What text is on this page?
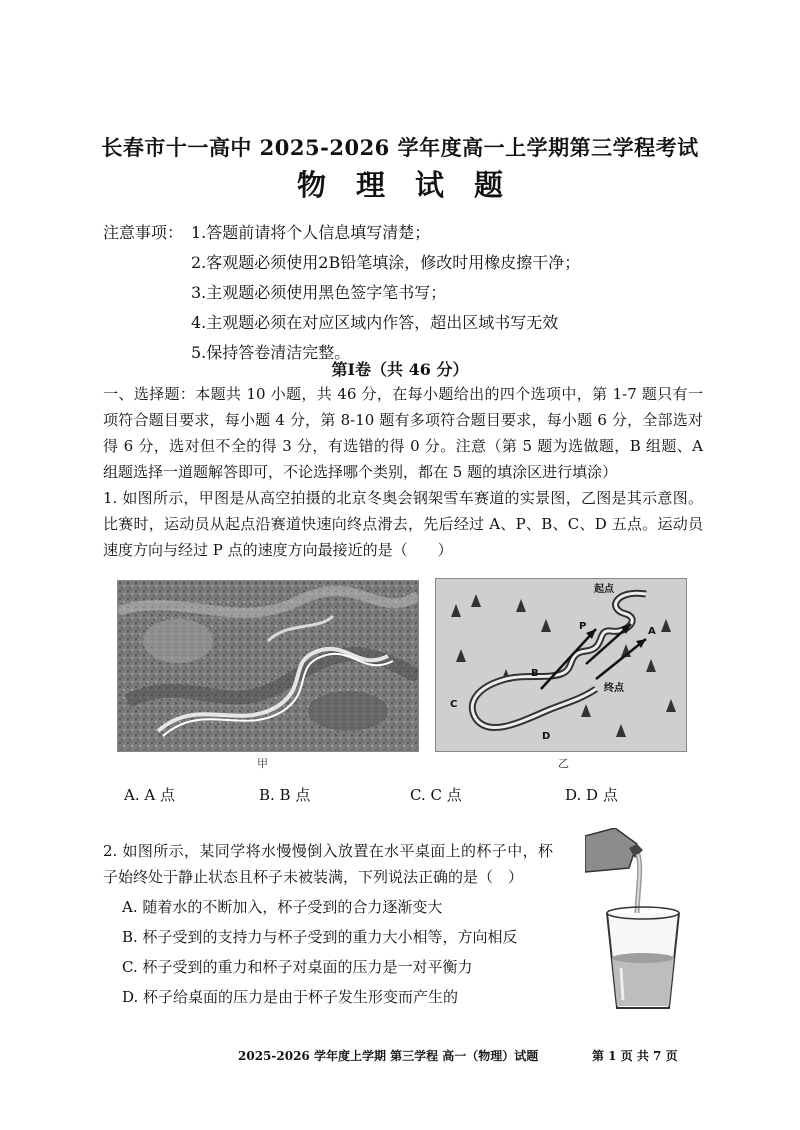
长春市十一高中 2025-2026 学年度高一上学期第三学程考试
物理试题
注意事项： 1.答题前请将个人信息填写清楚；
2.客观题必须使用2B铅笔填涂，修改时用橡皮擦干净；
3.主观题必须使用黑色签字笔书写；
4.主观题必须在对应区域内作答，超出区域书写无效
5.保持答卷清洁完整。
第Ⅰ卷（共 46 分）
一、选择题：本题共 10 小题，共 46 分，在每小题给出的四个选项中，第 1-7 题只有一项符合题目要求，每小题 4 分，第 8-10 题有多项符合题目要求，每小题 6 分，全部选对得 6 分，选对但不全的得 3 分，有选错的得 0 分。注意（第 5 题为选做题，B 组题、A 组题选择一道题解答即可，不论选择哪个类别，都在 5 题的填涂区进行填涂）
1. 如图所示，甲图是从高空拍摄的北京冬奥会钢架雪车赛道的实景图，乙图是其示意图。比赛时，运动员从起点沿赛道快速向终点滑去，先后经过 A、P、B、C、D 五点。运动员速度方向与经过 P 点的速度方向最接近的是（　　）
甲
起点
终点
A
P
B
C
D
乙
A. A 点	B. B 点	C. C 点	D. D 点
2. 如图所示，某同学将水慢慢倒入放置在水平桌面上的杯子中，杯子始终处于静止状态且杯子未被装满，下列说法正确的是（　）
A. 随着水的不断加入，杯子受到的合力逐渐变大
B. 杯子受到的支持力与杯子受到的重力大小相等，方向相反
C. 杯子受到的重力和杯子对桌面的压力是一对平衡力
D. 杯子给桌面的压力是由于杯子发生形变而产生的
2025-2026 学年度上学期 第三学程 高一（物理）试题	第 1 页 共 7 页
